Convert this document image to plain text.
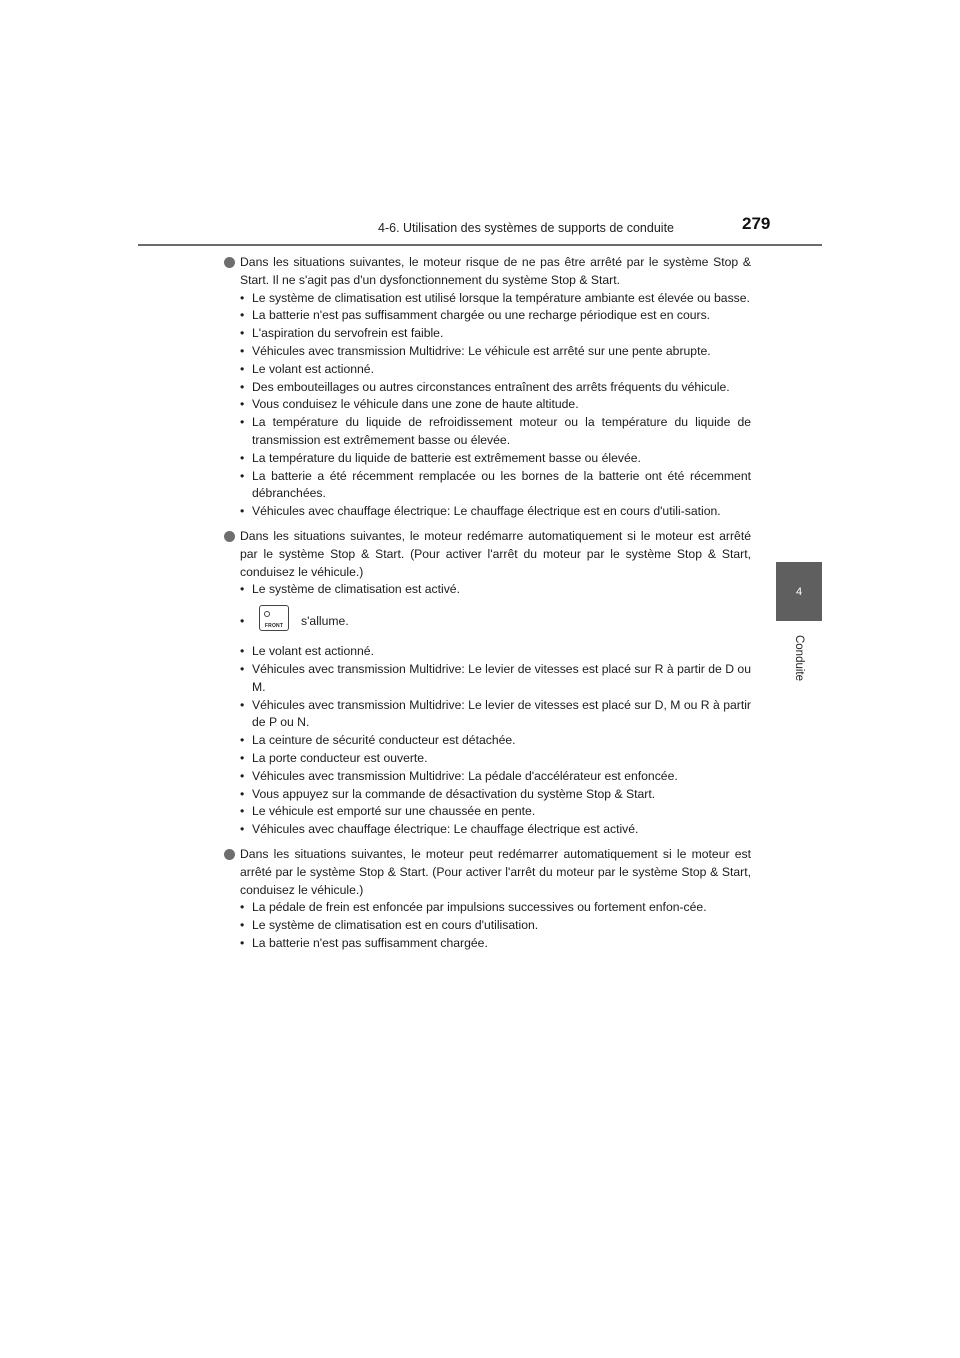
4-6. Utilisation des systèmes de supports de conduite	279
4
Conduite

Dans les situations suivantes, le moteur risque de ne pas être arrêté par le système Stop & Start. Il ne s'agit pas d'un dysfonctionnement du système Stop & Start.

• Le système de climatisation est utilisé lorsque la température ambiante est élevée ou basse.
• La batterie n'est pas suffisamment chargée ou une recharge périodique est en cours.
• L'aspiration du servofrein est faible.
• Véhicules avec transmission Multidrive: Le véhicule est arrêté sur une pente abrupte.
• Le volant est actionné.
• Des embouteillages ou autres circonstances entraînent des arrêts fréquents du véhicule.
• Vous conduisez le véhicule dans une zone de haute altitude.
• La température du liquide de refroidissement moteur ou la température du liquide de transmission est extrêmement basse ou élevée.
• La température du liquide de batterie est extrêmement basse ou élevée.
• La batterie a été récemment remplacée ou les bornes de la batterie ont été récemment débranchées.
• Véhicules avec chauffage électrique: Le chauffage électrique est en cours d'utili-sation.

Dans les situations suivantes, le moteur redémarre automatiquement si le moteur est arrêté par le système Stop & Start. (Pour activer l'arrêt du moteur par le système Stop & Start, conduisez le véhicule.)

• Le système de climatisation est activé.
•	FRONT	s'allume.
• Le volant est actionné.
• Véhicules avec transmission Multidrive: Le levier de vitesses est placé sur R à partir de D ou M.
• Véhicules avec transmission Multidrive: Le levier de vitesses est placé sur D, M ou R à partir de P ou N.
• La ceinture de sécurité conducteur est détachée.
• La porte conducteur est ouverte.
• Véhicules avec transmission Multidrive: La pédale d'accélérateur est enfoncée.
• Vous appuyez sur la commande de désactivation du système Stop & Start.
• Le véhicule est emporté sur une chaussée en pente.
• Véhicules avec chauffage électrique: Le chauffage électrique est activé.

Dans les situations suivantes, le moteur peut redémarrer automatiquement si le moteur est arrêté par le système Stop & Start. (Pour activer l'arrêt du moteur par le système Stop & Start, conduisez le véhicule.)

• La pédale de frein est enfoncée par impulsions successives ou fortement enfon-cée.
• Le système de climatisation est en cours d'utilisation.
• La batterie n'est pas suffisamment chargée.
